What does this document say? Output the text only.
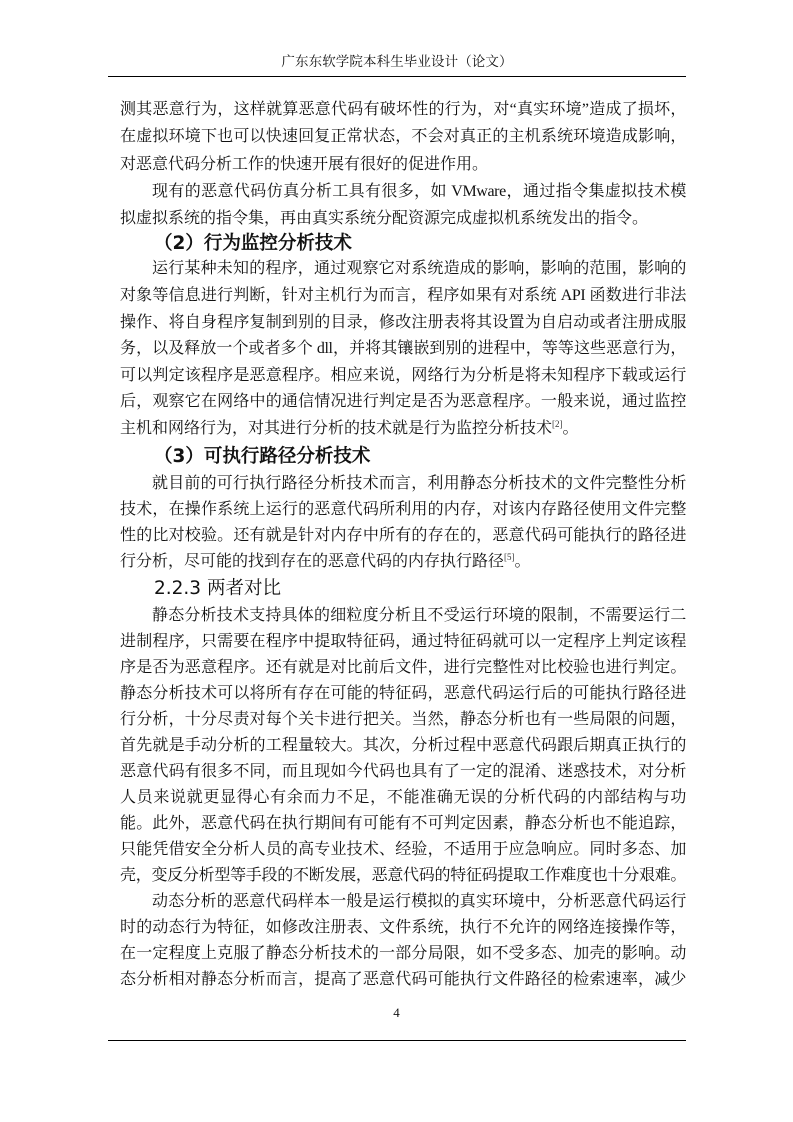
广东东软学院本科生毕业设计（论文）
测其恶意行为，这样就算恶意代码有破坏性的行为，对“真实环境”造成了损坏，
在虚拟环境下也可以快速回复正常状态，不会对真正的主机系统环境造成影响，
对恶意代码分析工作的快速开展有很好的促进作用。
现有的恶意代码仿真分析工具有很多，如 VMware，通过指令集虚拟技术模
拟虚拟系统的指令集，再由真实系统分配资源完成虚拟机系统发出的指令。
（2）行为监控分析技术
运行某种未知的程序，通过观察它对系统造成的影响，影响的范围，影响的
对象等信息进行判断，针对主机行为而言，程序如果有对系统 API 函数进行非法
操作、将自身程序复制到别的目录，修改注册表将其设置为自启动或者注册成服
务，以及释放一个或者多个 dll，并将其镶嵌到别的进程中，等等这些恶意行为，
可以判定该程序是恶意程序。相应来说，网络行为分析是将未知程序下载或运行
后，观察它在网络中的通信情况进行判定是否为恶意程序。一般来说，通过监控
主机和网络行为，对其进行分析的技术就是行为监控分析技术[2]。
（3）可执行路径分析技术
就目前的可行执行路径分析技术而言，利用静态分析技术的文件完整性分析
技术，在操作系统上运行的恶意代码所利用的内存，对该内存路径使用文件完整
性的比对校验。还有就是针对内存中所有的存在的，恶意代码可能执行的路径进
行分析，尽可能的找到存在的恶意代码的内存执行路径[5]。
2.2.3 两者对比
静态分析技术支持具体的细粒度分析且不受运行环境的限制，不需要运行二
进制程序，只需要在程序中提取特征码，通过特征码就可以一定程序上判定该程
序是否为恶意程序。还有就是对比前后文件，进行完整性对比校验也进行判定。
静态分析技术可以将所有存在可能的特征码，恶意代码运行后的可能执行路径进
行分析，十分尽责对每个关卡进行把关。当然，静态分析也有一些局限的问题，
首先就是手动分析的工程量较大。其次，分析过程中恶意代码跟后期真正执行的
恶意代码有很多不同，而且现如今代码也具有了一定的混淆、迷惑技术，对分析
人员来说就更显得心有余而力不足，不能准确无误的分析代码的内部结构与功
能。此外，恶意代码在执行期间有可能有不可判定因素，静态分析也不能追踪，
只能凭借安全分析人员的高专业技术、经验，不适用于应急响应。同时多态、加
壳，变反分析型等手段的不断发展，恶意代码的特征码提取工作难度也十分艰难。
动态分析的恶意代码样本一般是运行模拟的真实环境中，分析恶意代码运行
时的动态行为特征，如修改注册表、文件系统，执行不允许的网络连接操作等，
在一定程度上克服了静态分析技术的一部分局限，如不受多态、加壳的影响。动
态分析相对静态分析而言，提高了恶意代码可能执行文件路径的检索速率，减少
4
